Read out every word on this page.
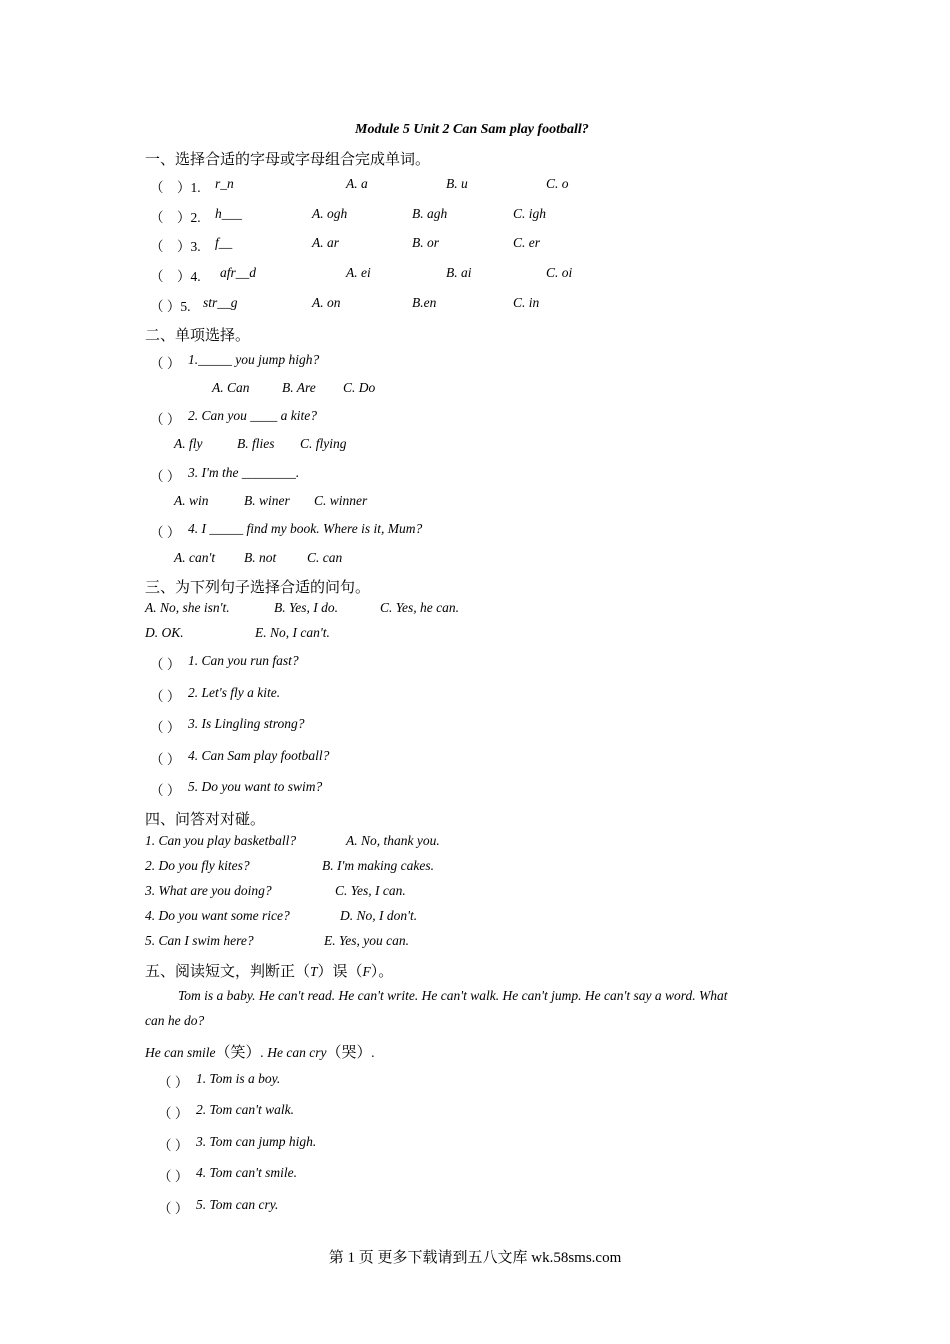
Module 5 Unit 2 Can Sam play football?
一、选择合适的字母或字母组合完成单词。
（　）1. r_n	A. a	B. u	C. o
（　）2. h___	A. ogh	B. agh	C. igh
（　）3. f__	A. ar	B. or	C. er
（　）4. afr__d	A. ei	B. ai	C. oi
（ ）5. str__g	A. on	B.en	C. in
二、单项选择。
（ ） 1._____ you jump high?
A. Can B. Are C. Do
（ ） 2. Can you ____ a kite?
A. fly	B. flies C. flying
（ ） 3. I'm the ________.
A. win	B. winer C. winner
（ ） 4. I _____ find my book. Where is it, Mum?
A. can't B. not C. can
三、为下列句子选择合适的问句。
A. No, she isn't.	B. Yes, I do.	C. Yes, he can.
D. OK.	E. No, I can't.
（ ） 1. Can you run fast?
（ ） 2. Let's fly a kite.
（ ） 3. Is Lingling strong?
（ ） 4. Can Sam play football?
（ ） 5. Do you want to swim?
四、问答对对碰。
1. Can you play basketball?	A. No, thank you.
2. Do you fly kites?	B. I'm making cakes.
3. What are you doing?	C. Yes, I can.
4. Do you want some rice?	D. No, I don't.
5. Can I swim here?	E. Yes, you can.
五、阅读短文，判断正（T）误（F）。
Tom is a baby. He can't read. He can't write. He can't walk. He can't jump. He can't say a word. What
can he do?
He can smile（笑）. He can cry（哭）.
（ ） 1. Tom is a boy.
（ ） 2. Tom can't walk.
（ ） 3. Tom can jump high.
（ ） 4. Tom can't smile.
（ ） 5. Tom can cry.
第 1 页 更多下载请到五八文库 wk.58sms.com
